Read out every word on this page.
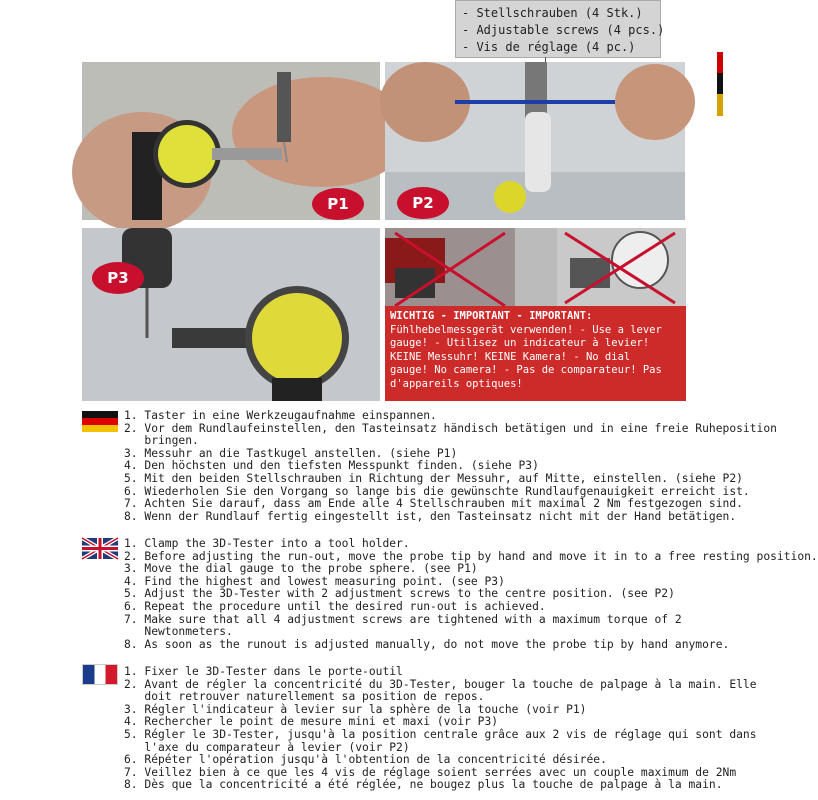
- Stellschrauben (4 Stk.)
- Adjustable screws (4 pcs.)
- Vis de réglage (4 pc.)
P1	P2
P3
WICHTIG - IMPORTANT - IMPORTANT:
Fühlhebelmessgerät verwenden! - Use a lever
gauge! - Utilisez un indicateur à levier!
KEINE Messuhr! KEINE Kamera! - No dial
gauge! No camera! - Pas de comparateur! Pas
d'appareils optiques!
1. Taster in eine Werkzeugaufnahme einspannen.
2. Vor dem Rundlaufeinstellen, den Tasteinsatz händisch betätigen und in eine freie Ruheposition
bringen.
3. Messuhr an die Tastkugel anstellen. (siehe P1)
4. Den höchsten und den tiefsten Messpunkt finden. (siehe P3)
5. Mit den beiden Stellschrauben in Richtung der Messuhr, auf Mitte, einstellen. (siehe P2)
6. Wiederholen Sie den Vorgang so lange bis die gewünschte Rundlaufgenauigkeit erreicht ist.
7. Achten Sie darauf, dass am Ende alle 4 Stellschrauben mit maximal 2 Nm festgezogen sind.
8. Wenn der Rundlauf fertig eingestellt ist, den Tasteinsatz nicht mit der Hand betätigen.
1. Clamp the 3D-Tester into a tool holder.
2. Before adjusting the run-out, move the probe tip by hand and move it in to a free resting position.
3. Move the dial gauge to the probe sphere. (see P1)
4. Find the highest and lowest measuring point. (see P3)
5. Adjust the 3D-Tester with 2 adjustment screws to the centre position. (see P2)
6. Repeat the procedure until the desired run-out is achieved.
7. Make sure that all 4 adjustment screws are tightened with a maximum torque of 2
Newtonmeters.
8. As soon as the runout is adjusted manually, do not move the probe tip by hand anymore.
1. Fixer le 3D-Tester dans le porte-outil
2. Avant de régler la concentricité du 3D-Tester, bouger la touche de palpage à la main. Elle
doit retrouver naturellement sa position de repos.
3. Régler l'indicateur à levier sur la sphère de la touche (voir P1)
4. Rechercher le point de mesure mini et maxi (voir P3)
5. Régler le 3D-Tester, jusqu'à la position centrale grâce aux 2 vis de réglage qui sont dans
l'axe du comparateur à levier (voir P2)
6. Répéter l'opération jusqu'à l'obtention de la concentricité désirée.
7. Veillez bien à ce que les 4 vis de réglage soient serrées avec un couple maximum de 2Nm
8. Dès que la concentricité a été réglée, ne bougez plus la touche de palpage à la main.
